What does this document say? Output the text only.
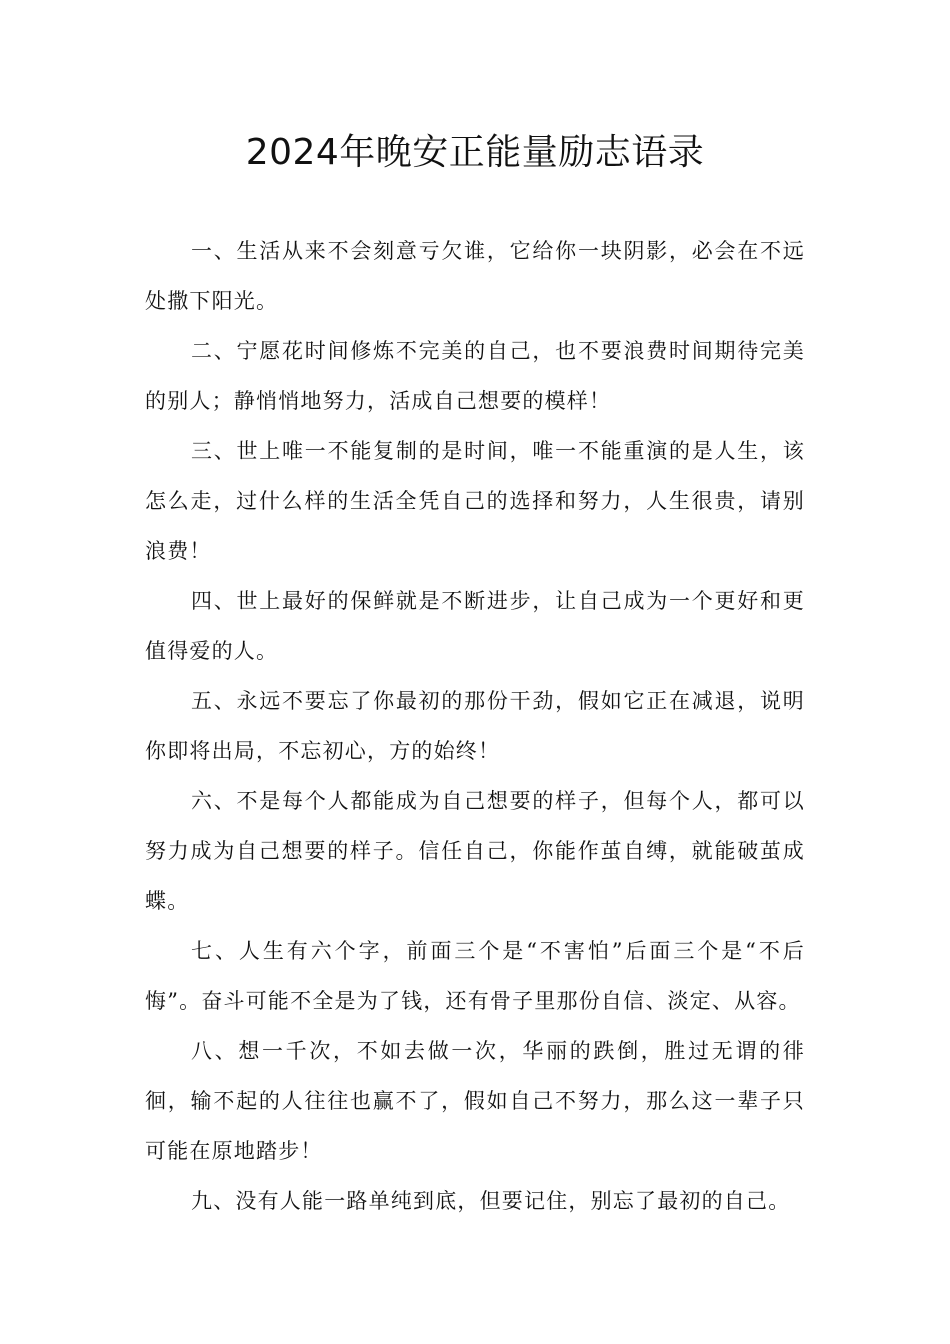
2024年晚安正能量励志语录

一、生活从来不会刻意亏欠谁，它给你一块阴影，必会在不远处撒下阳光。

二、宁愿花时间修炼不完美的自己，也不要浪费时间期待完美的别人；静悄悄地努力，活成自己想要的模样！

三、世上唯一不能复制的是时间，唯一不能重演的是人生，该怎么走，过什么样的生活全凭自己的选择和努力，人生很贵，请别浪费！

四、世上最好的保鲜就是不断进步，让自己成为一个更好和更值得爱的人。

五、永远不要忘了你最初的那份干劲，假如它正在减退，说明你即将出局，不忘初心，方的始终！

六、不是每个人都能成为自己想要的样子，但每个人，都可以努力成为自己想要的样子。信任自己，你能作茧自缚，就能破茧成蝶。

七、人生有六个字，前面三个是“不害怕”后面三个是“不后悔”。奋斗可能不全是为了钱，还有骨子里那份自信、淡定、从容。

八、想一千次，不如去做一次，华丽的跌倒，胜过无谓的徘徊，输不起的人往往也赢不了，假如自己不努力，那么这一辈子只可能在原地踏步！

九、没有人能一路单纯到底，但要记住，别忘了最初的自己。
